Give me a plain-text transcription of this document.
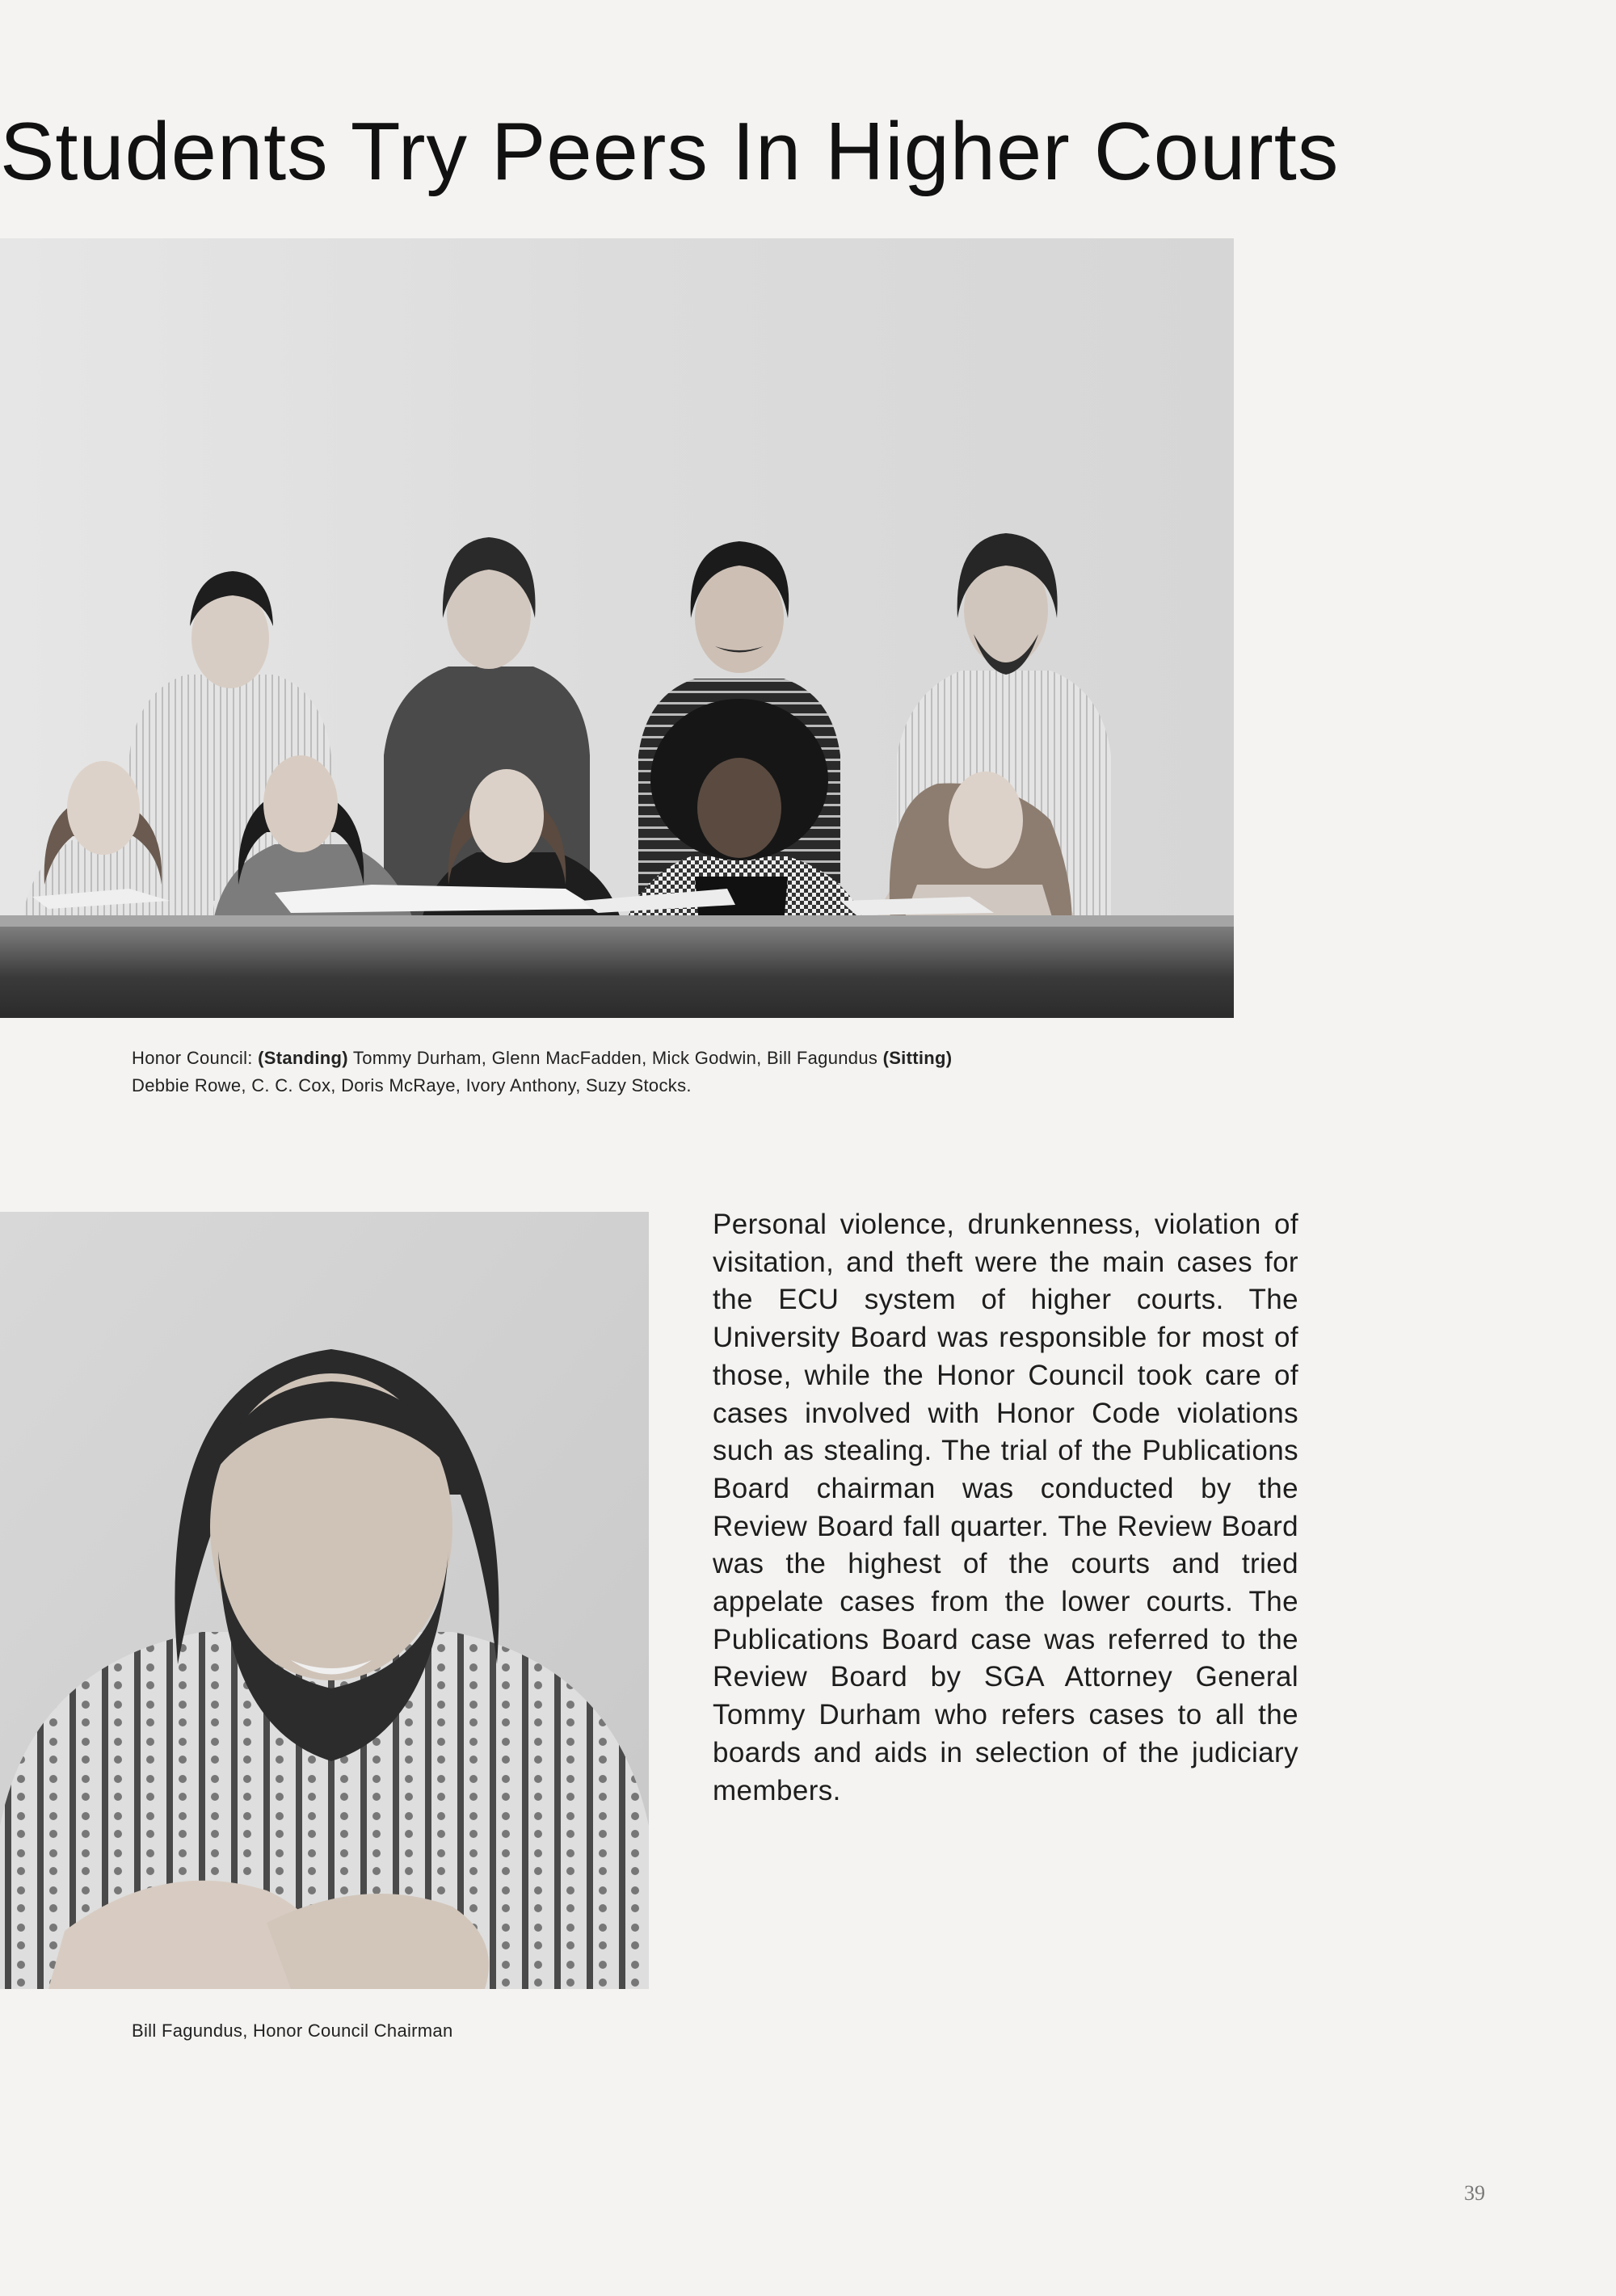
Students Try Peers In Higher Courts
Honor Council: (Standing) Tommy Durham, Glenn MacFadden, Mick Godwin, Bill Fagundus (Sitting)
Debbie Rowe, C. C. Cox, Doris McRaye, Ivory Anthony, Suzy Stocks.
Bill Fagundus, Honor Council Chairman

Personal violence, drunkenness, violation of visitation, and theft were the main cases for the ECU system of higher courts. The University Board was responsible for most of those, while the Honor Council took care of cases involved with Honor Code violations such as stealing. The trial of the Publications Board chairman was conducted by the Review Board fall quarter. The Review Board was the highest of the courts and tried appelate cases from the lower courts. The Publications Board case was referred to the Review Board by SGA Attorney General Tommy Durham who refers cases to all the boards and aids in selection of the judiciary members.

39
